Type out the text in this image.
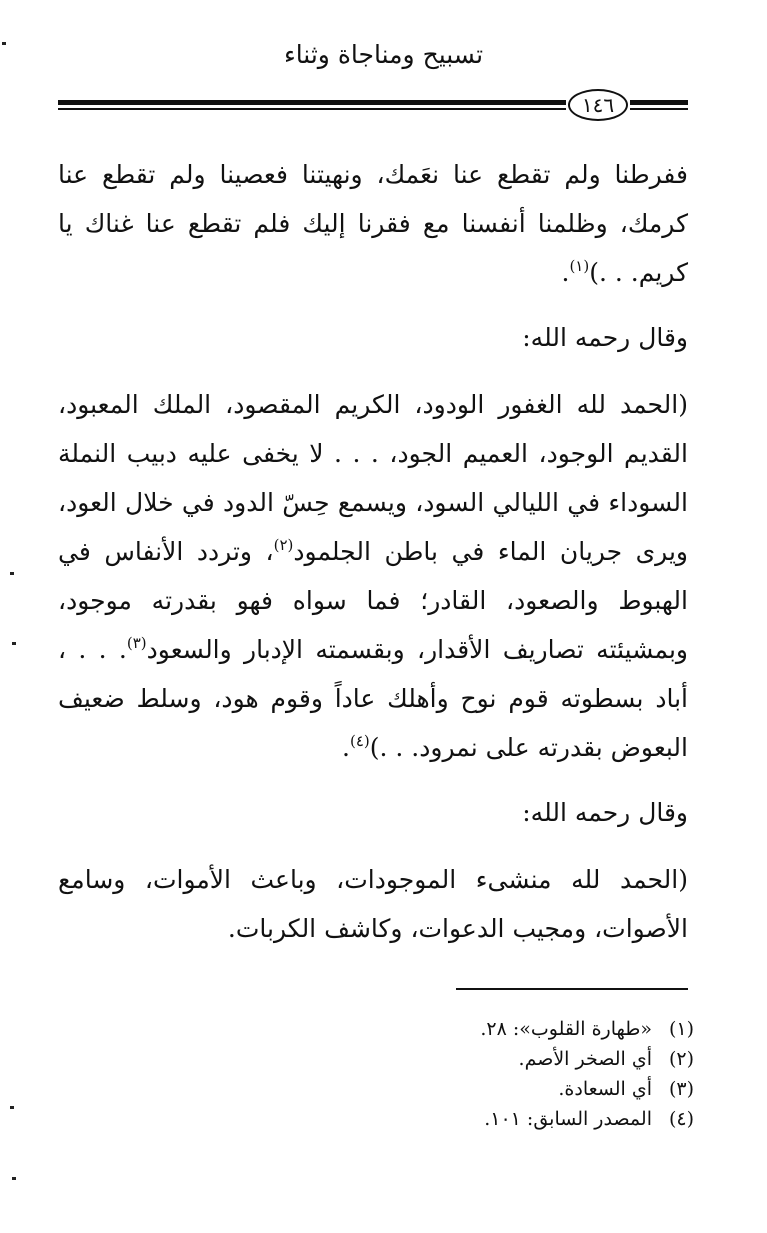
تسبيح ومناجاة وثناء
١٤٦

ففرطنا ولم تقطع عنا نعَمك، ونهيتنا فعصينا ولم تقطع عنا كرمك، وظلمنا أنفسنا مع فقرنا إليك فلم تقطع عنا غناك يا كريم. . .)$^{(١)}$.

وقال رحمه الله:

(الحمد لله الغفور الودود، الكريم المقصود، الملك المعبود، القديم الوجود، العميم الجود، . . . لا يخفى عليه دبيب النملة السوداء في الليالي السود، ويسمع حِسّ الدود في خلال العود، ويرى جريان الماء في باطن الجلمود$^{(٢)}$، وتردد الأنفاس في الهبوط والصعود، القادر؛ فما سواه فهو بقدرته موجود، وبمشيئته تصاريف الأقدار، وبقسمته الإدبار والسعود$^{(٣)}$. . . ، أباد بسطوته قوم نوح وأهلك عاداً وقوم هود، وسلط ضعيف البعوض بقدرته على نمرود. . .)$^{(٤)}$.

وقال رحمه الله:

(الحمد لله منشىء الموجودات، وباعث الأموات، وسامع الأصوات، ومجيب الدعوات، وكاشف الكربات.

(١)«طهارة القلوب»: ٢٨.
(٢)أي الصخر الأصم.
(٣)أي السعادة.
(٤)المصدر السابق: ١٠١.
